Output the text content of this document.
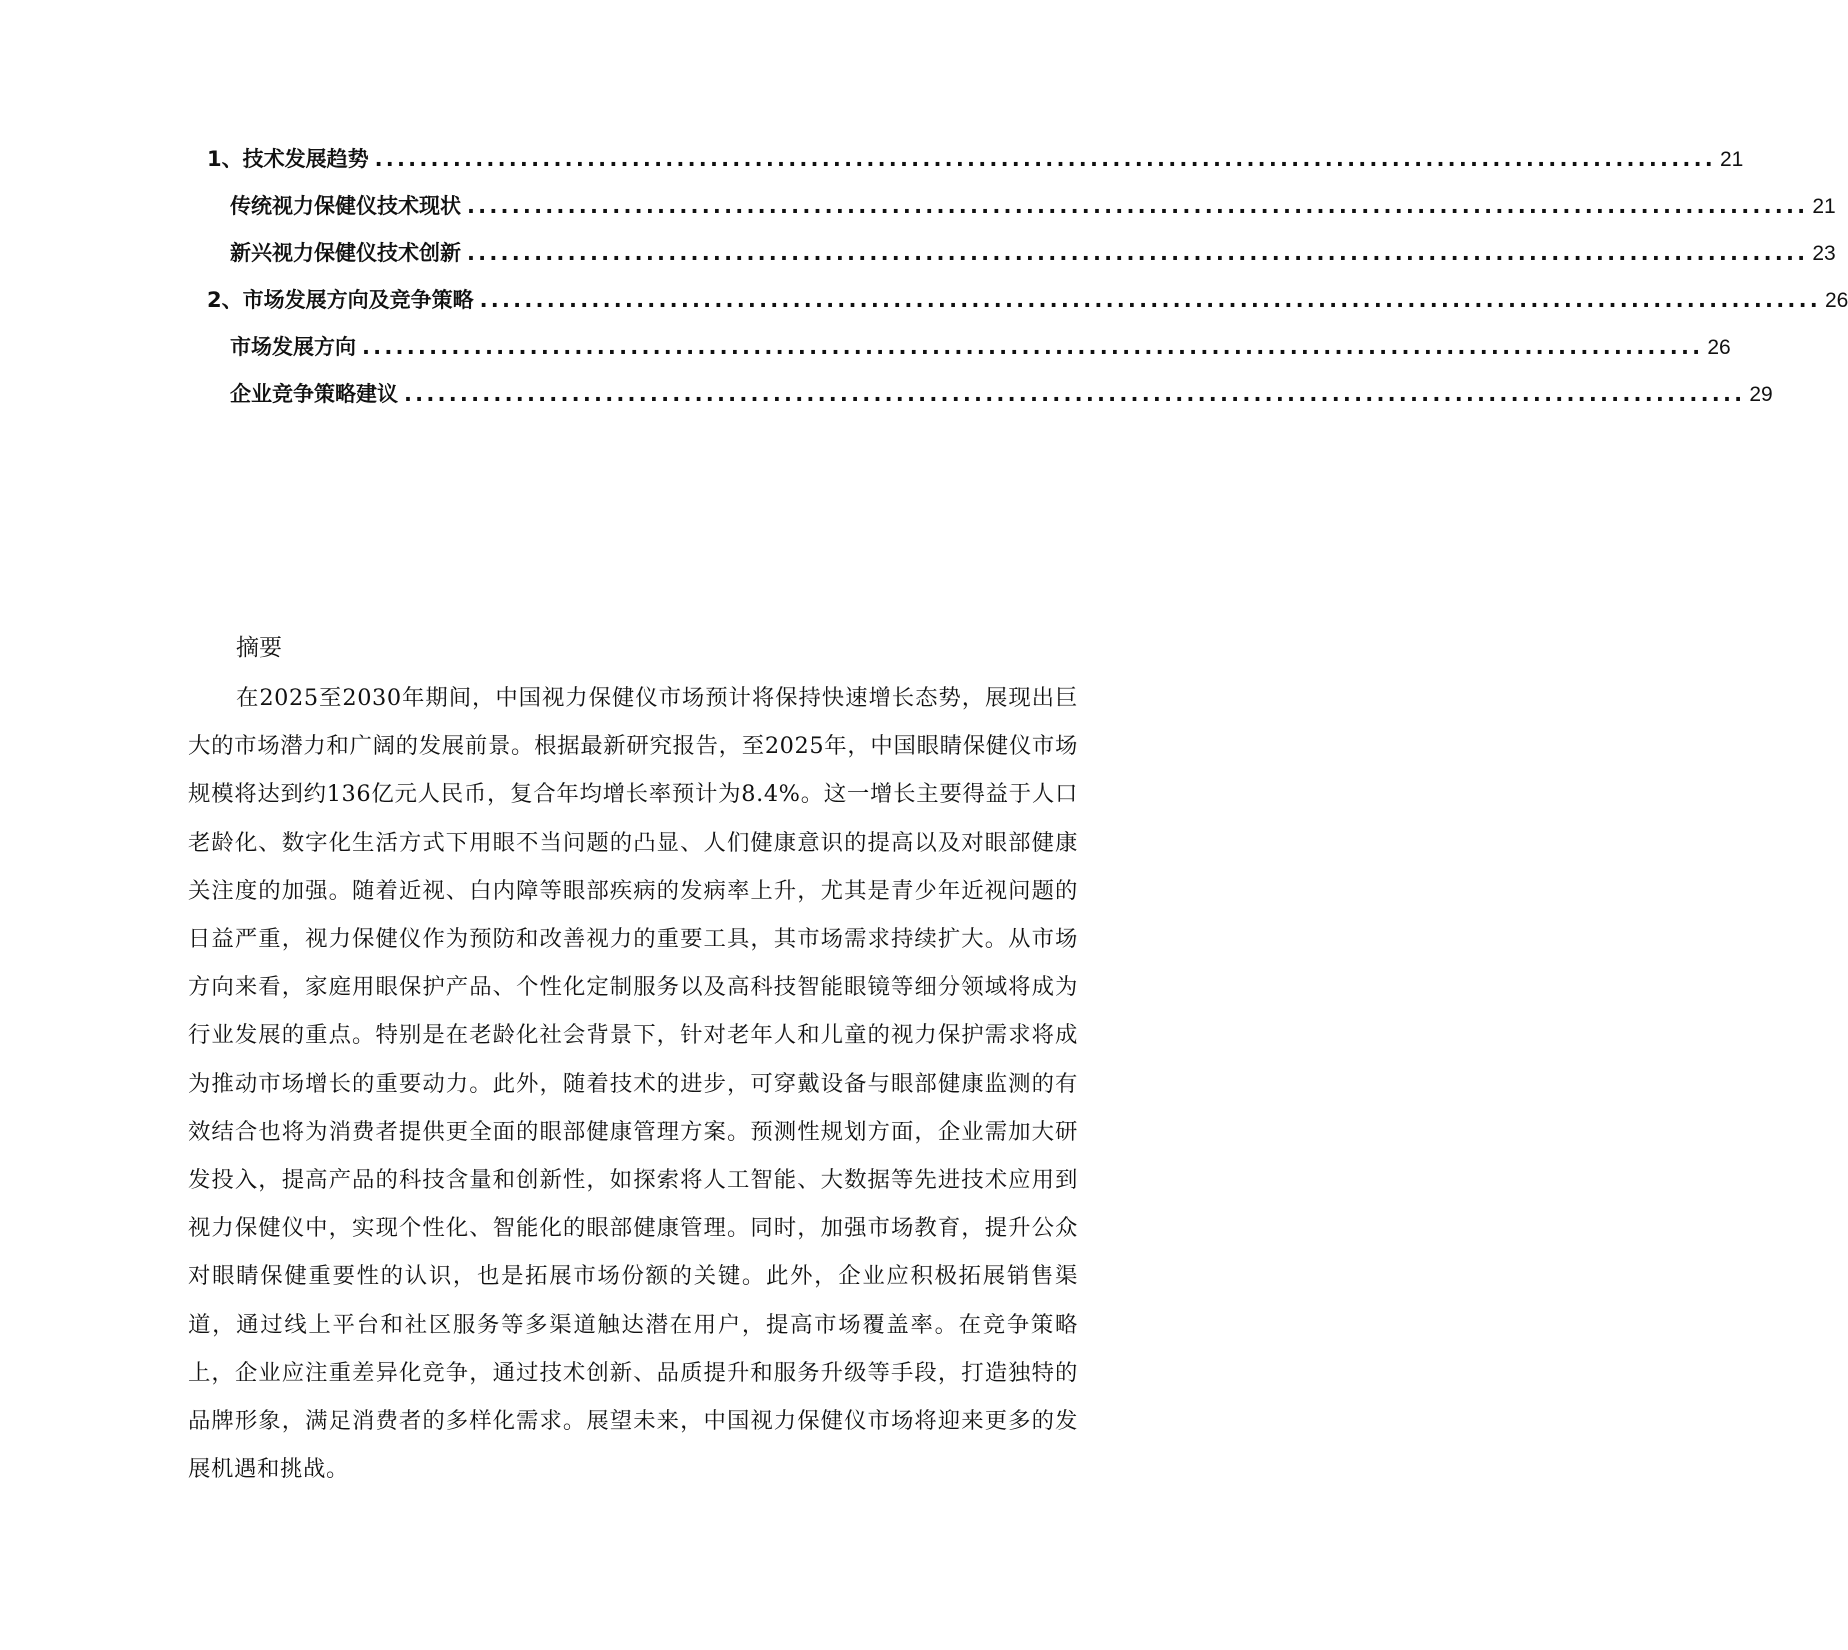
1、技术发展趋势 ........................................................................................................................ 21
传统视力保健仪技术现状 ........................................................................................................................ 21
新兴视力保健仪技术创新 ........................................................................................................................ 23
2、市场发展方向及竞争策略 ........................................................................................................................ 26
市场发展方向 ........................................................................................................................ 26
企业竞争策略建议 ........................................................................................................................ 29
摘要
在2025至2030年期间，中国视力保健仪市场预计将保持快速增长态势，展现出巨大的市场潜力和广阔的发展前景。根据最新研究报告，至2025年，中国眼睛保健仪市场规模将达到约136亿元人民币，复合年均增长率预计为8.4%。这一增长主要得益于人口老龄化、数字化生活方式下用眼不当问题的凸显、人们健康意识的提高以及对眼部健康关注度的加强。随着近视、白内障等眼部疾病的发病率上升，尤其是青少年近视问题的日益严重，视力保健仪作为预防和改善视力的重要工具，其市场需求持续扩大。从市场方向来看，家庭用眼保护产品、个性化定制服务以及高科技智能眼镜等细分领域将成为行业发展的重点。特别是在老龄化社会背景下，针对老年人和儿童的视力保护需求将成为推动市场增长的重要动力。此外，随着技术的进步，可穿戴设备与眼部健康监测的有效结合也将为消费者提供更全面的眼部健康管理方案。预测性规划方面，企业需加大研发投入，提高产品的科技含量和创新性，如探索将人工智能、大数据等先进技术应用到视力保健仪中，实现个性化、智能化的眼部健康管理。同时，加强市场教育，提升公众对眼睛保健重要性的认识，也是拓展市场份额的关键。此外，企业应积极拓展销售渠道，通过线上平台和社区服务等多渠道触达潜在用户，提高市场覆盖率。在竞争策略上，企业应注重差异化竞争，通过技术创新、品质提升和服务升级等手段，打造独特的品牌形象，满足消费者的多样化需求。展望未来，中国视力保健仪市场将迎来更多的发展机遇和挑战。
